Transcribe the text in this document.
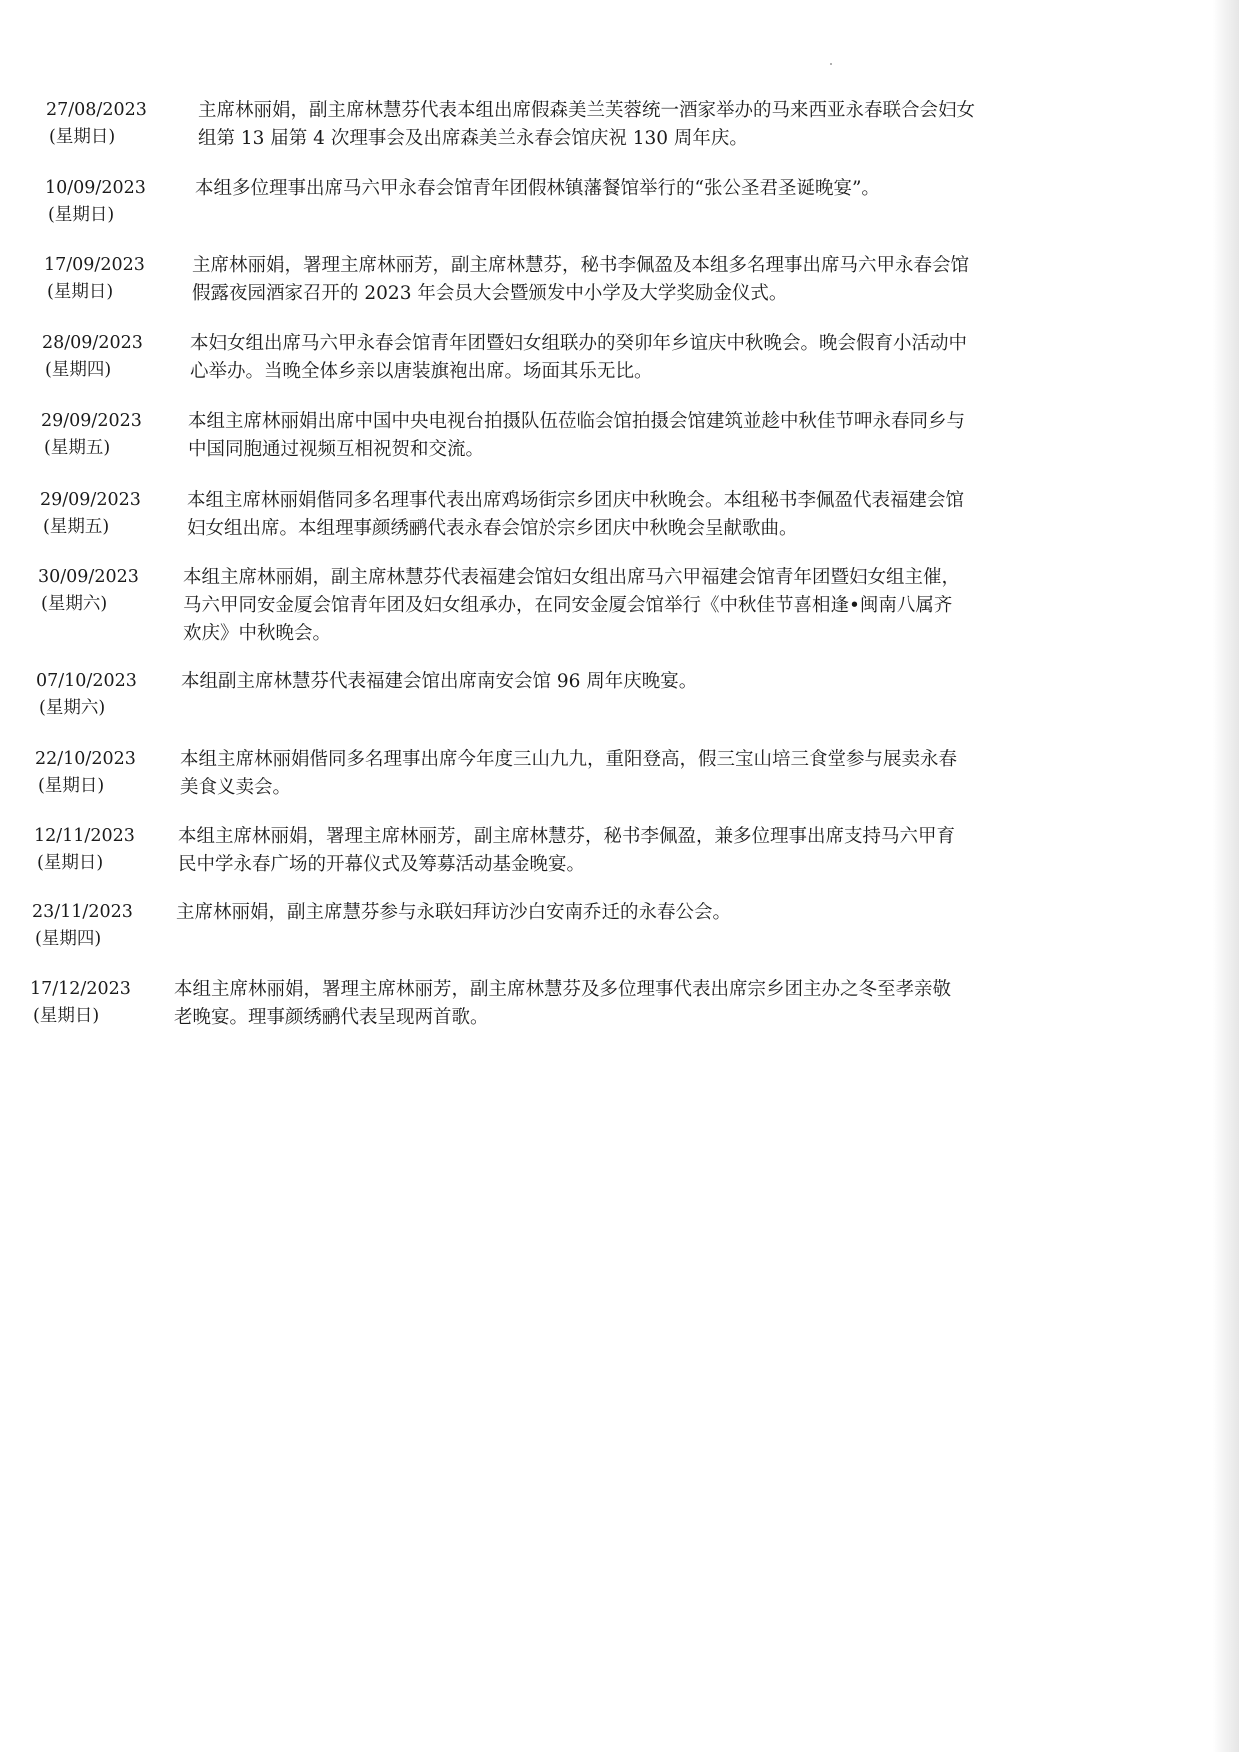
27/08/2023
(星期日)
主席林丽娟，副主席林慧芬代表本组出席假森美兰芙蓉统一酒家举办的马来西亚永春联合会妇女
组第 13 届第 4 次理事会及出席森美兰永春会馆庆祝 130 周年庆。
10/09/2023
(星期日)
本组多位理事出席马六甲永春会馆青年团假林镇藩餐馆举行的“张公圣君圣诞晚宴”。
17/09/2023
(星期日)
主席林丽娟，署理主席林丽芳，副主席林慧芬，秘书李佩盈及本组多名理事出席马六甲永春会馆
假露夜园酒家召开的 2023 年会员大会暨颁发中小学及大学奖励金仪式。
28/09/2023
(星期四)
本妇女组出席马六甲永春会馆青年团暨妇女组联办的癸卯年乡谊庆中秋晚会。晚会假育小活动中
心举办。当晚全体乡亲以唐装旗袍出席。场面其乐无比。
29/09/2023
(星期五)
本组主席林丽娟出席中国中央电视台拍摄队伍莅临会馆拍摄会馆建筑並趁中秋佳节呷永春同乡与
中国同胞通过视频互相祝贺和交流。
29/09/2023
(星期五)
本组主席林丽娟偕同多名理事代表出席鸡场街宗乡团庆中秋晚会。本组秘书李佩盈代表福建会馆
妇女组出席。本组理事颜绣鹂代表永春会馆於宗乡团庆中秋晚会呈献歌曲。
30/09/2023
(星期六)
本组主席林丽娟，副主席林慧芬代表福建会馆妇女组出席马六甲福建会馆青年团暨妇女组主催，
马六甲同安金厦会馆青年团及妇女组承办，在同安金厦会馆举行《中秋佳节喜相逢•闽南八属齐
欢庆》中秋晚会。
07/10/2023
(星期六)
本组副主席林慧芬代表福建会馆出席南安会馆 96 周年庆晚宴。
22/10/2023
(星期日)
本组主席林丽娟偕同多名理事出席今年度三山九九，重阳登高，假三宝山培三食堂参与展卖永春
美食义卖会。
12/11/2023
(星期日)
本组主席林丽娟，署理主席林丽芳，副主席林慧芬，秘书李佩盈，兼多位理事出席支持马六甲育
民中学永春广场的开幕仪式及筹募活动基金晚宴。
23/11/2023
(星期四)
主席林丽娟，副主席慧芬参与永联妇拜访沙白安南乔迁的永春公会。
17/12/2023
(星期日)
本组主席林丽娟，署理主席林丽芳，副主席林慧芬及多位理事代表出席宗乡团主办之冬至孝亲敬
老晚宴。理事颜绣鹂代表呈现两首歌。
